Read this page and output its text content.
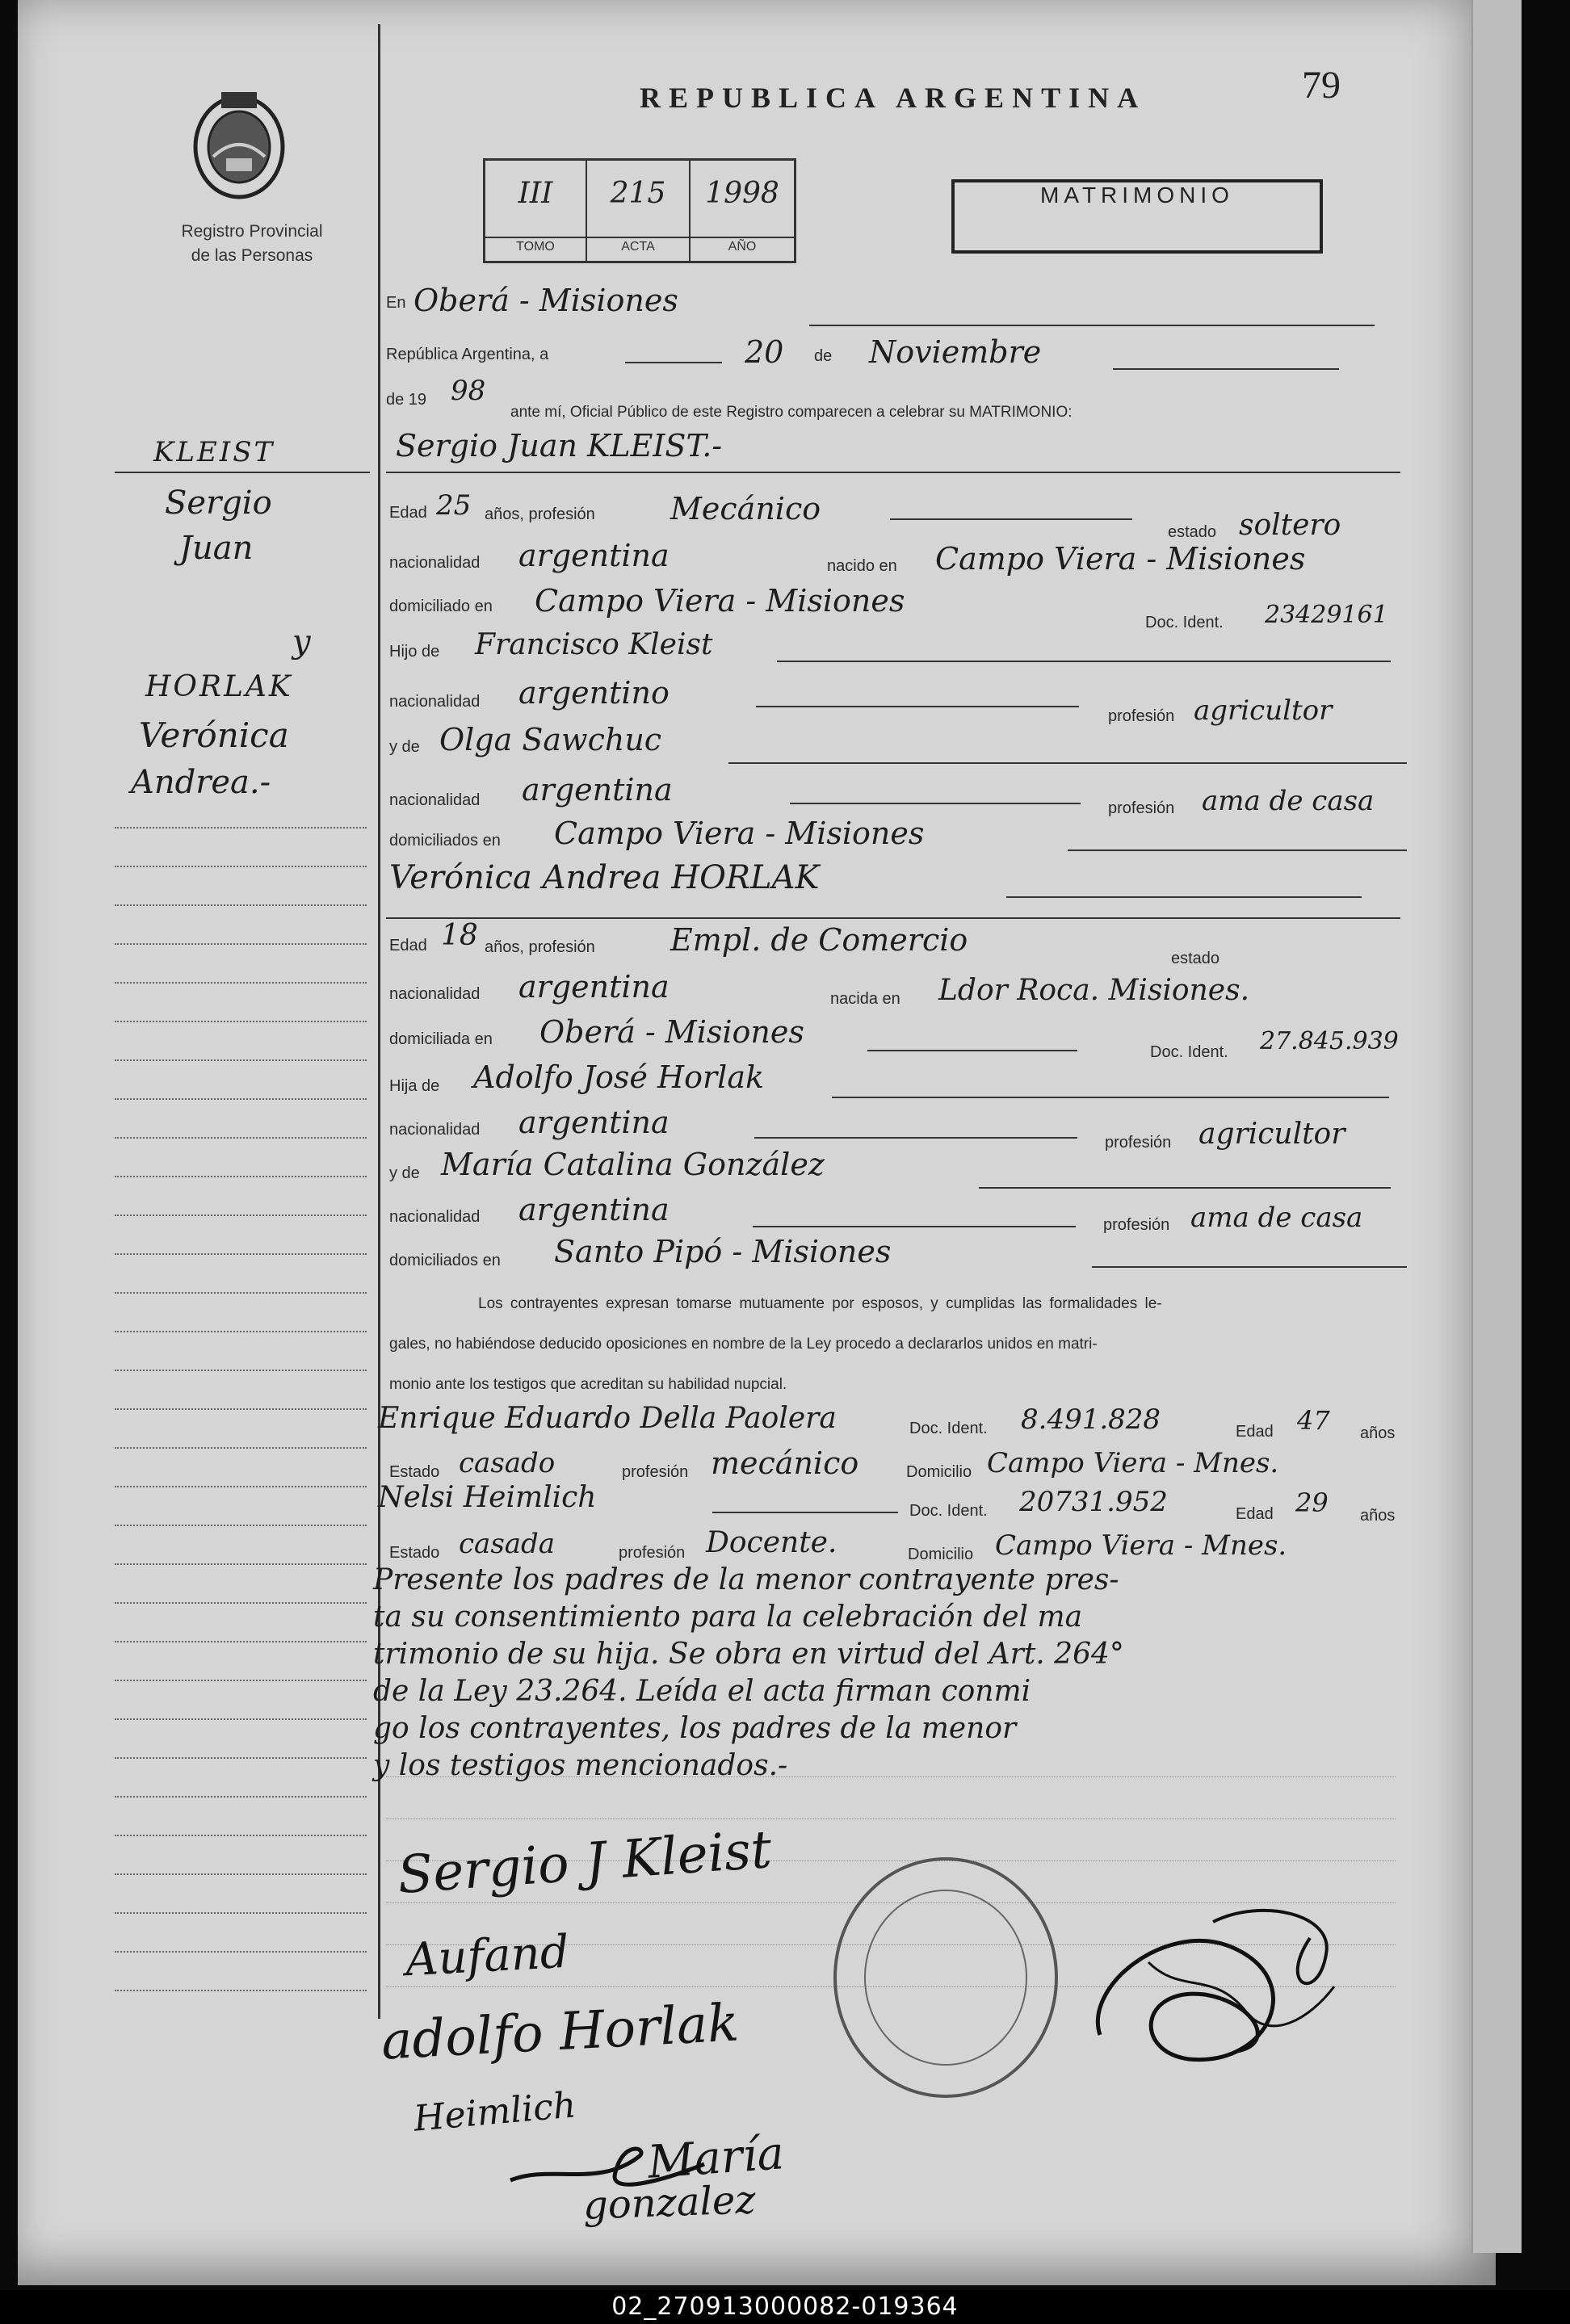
Registro Provincial
de las Personas
REPUBLICA ARGENTINA	79
III
TOMO
215
ACTA
1998
AÑO
MATRIMONIO
KLEIST
Sergio
Juan
y
HORLAK
Verónica
Andrea.-
En Oberá - Misiones
República Argentina, a	20 de Noviembre
de 19 98
ante mí, Oficial Público de este Registro comparecen a celebrar su MATRIMONIO:
Sergio Juan KLEIST.-
Edad 25 años, profesión Mecánico
estado soltero
nacionalidad argentina	nacido en Campo Viera - Misiones
domiciliado en Campo Viera - Misiones
Doc. Ident. 23429161
Hijo de Francisco Kleist
nacionalidad argentino
profesión agricultor
y de Olga Sawchuc
nacionalidad argentina
profesión ama de casa
domiciliados en Campo Viera - Misiones
Verónica Andrea HORLAK
Edad 18 años, profesión Empl. de Comercio
estado
nacionalidad argentina	nacida en Ldor Roca. Misiones.
domiciliada en Oberá - Misiones
Doc. Ident. 27.845.939
Hija de Adolfo José Horlak
nacionalidad argentina
profesión agricultor
y de María Catalina González
nacionalidad argentina	profesión ama de casa
domiciliados en Santo Pipó - Misiones
Los contrayentes expresan tomarse mutuamente por esposos, y cumplidas las formalidades le-
gales, no habiéndose deducido oposiciones en nombre de la Ley procedo a declararlos unidos en matri-
monio ante los testigos que acreditan su habilidad nupcial.
Enrique Eduardo Della Paolera	Doc. Ident. 8.491.828	Edad 47 años
Estado casado	profesión mecánico	Domicilio Campo Viera - Mnes.
Nelsi Heimlich	Doc. Ident. 20731.952	Edad 29 años
Estado casada	profesión Docente.	Domicilio Campo Viera - Mnes.
Presente los padres de la menor contrayente pres-
ta su consentimiento para la celebración del ma
trimonio de su hija. Se obra en virtud del Art. 264°
de la Ley 23.264. Leída el acta firman conmi
go los contrayentes, los padres de la menor
y los testigos mencionados.-
Sergio J Kleist
Aufand
adolfo Horlak
Heimlich
María
gonzalez
02_270913000082-019364
